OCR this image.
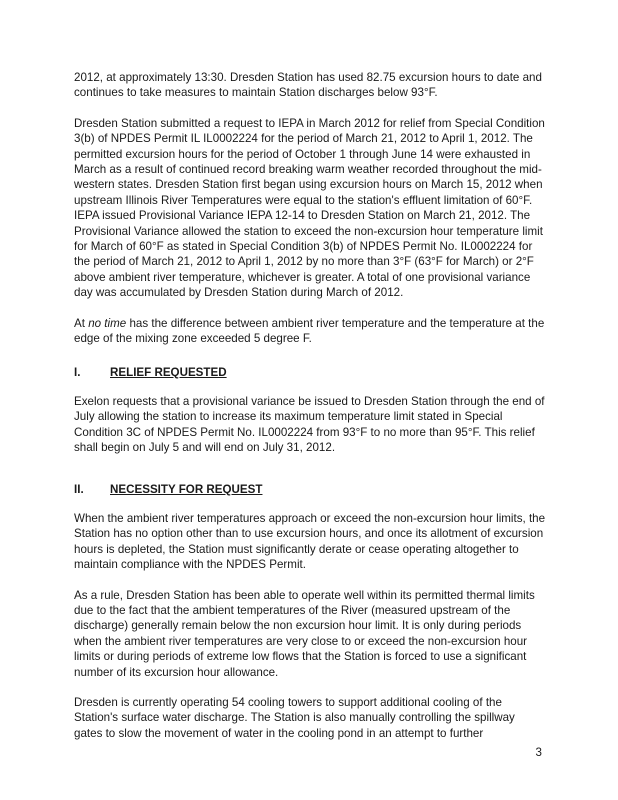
2012, at approximately 13:30. Dresden Station has used 82.75 excursion hours to date and continues to take measures to maintain Station discharges below 93°F.

Dresden Station submitted a request to IEPA in March 2012 for relief from Special Condition 3(b) of NPDES Permit IL IL0002224 for the period of March 21, 2012 to April 1, 2012. The permitted excursion hours for the period of October 1 through June 14 were exhausted in March as a result of continued record breaking warm weather recorded throughout the mid-western states. Dresden Station first began using excursion hours on March 15, 2012 when upstream Illinois River Temperatures were equal to the station's effluent limitation of 60°F. IEPA issued Provisional Variance IEPA 12-14 to Dresden Station on March 21, 2012. The Provisional Variance allowed the station to exceed the non-excursion hour temperature limit for March of 60°F as stated in Special Condition 3(b) of NPDES Permit No. IL0002224 for the period of March 21, 2012 to April 1, 2012 by no more than 3°F (63°F for March) or 2°F above ambient river temperature, whichever is greater. A total of one provisional variance day was accumulated by Dresden Station during March of 2012.

At no time has the difference between ambient river temperature and the temperature at the edge of the mixing zone exceeded 5 degree F.

I.	RELIEF REQUESTED

Exelon requests that a provisional variance be issued to Dresden Station through the end of July allowing the station to increase its maximum temperature limit stated in Special Condition 3C of NPDES Permit No. IL0002224 from 93°F to no more than 95°F. This relief shall begin on July 5 and will end on July 31, 2012.

II.	NECESSITY FOR REQUEST

When the ambient river temperatures approach or exceed the non-excursion hour limits, the Station has no option other than to use excursion hours, and once its allotment of excursion hours is depleted, the Station must significantly derate or cease operating altogether to maintain compliance with the NPDES Permit.

As a rule, Dresden Station has been able to operate well within its permitted thermal limits due to the fact that the ambient temperatures of the River (measured upstream of the discharge) generally remain below the non excursion hour limit. It is only during periods when the ambient river temperatures are very close to or exceed the non-excursion hour limits or during periods of extreme low flows that the Station is forced to use a significant number of its excursion hour allowance.

Dresden is currently operating 54 cooling towers to support additional cooling of the Station's surface water discharge. The Station is also manually controlling the spillway gates to slow the movement of water in the cooling pond in an attempt to further

3
